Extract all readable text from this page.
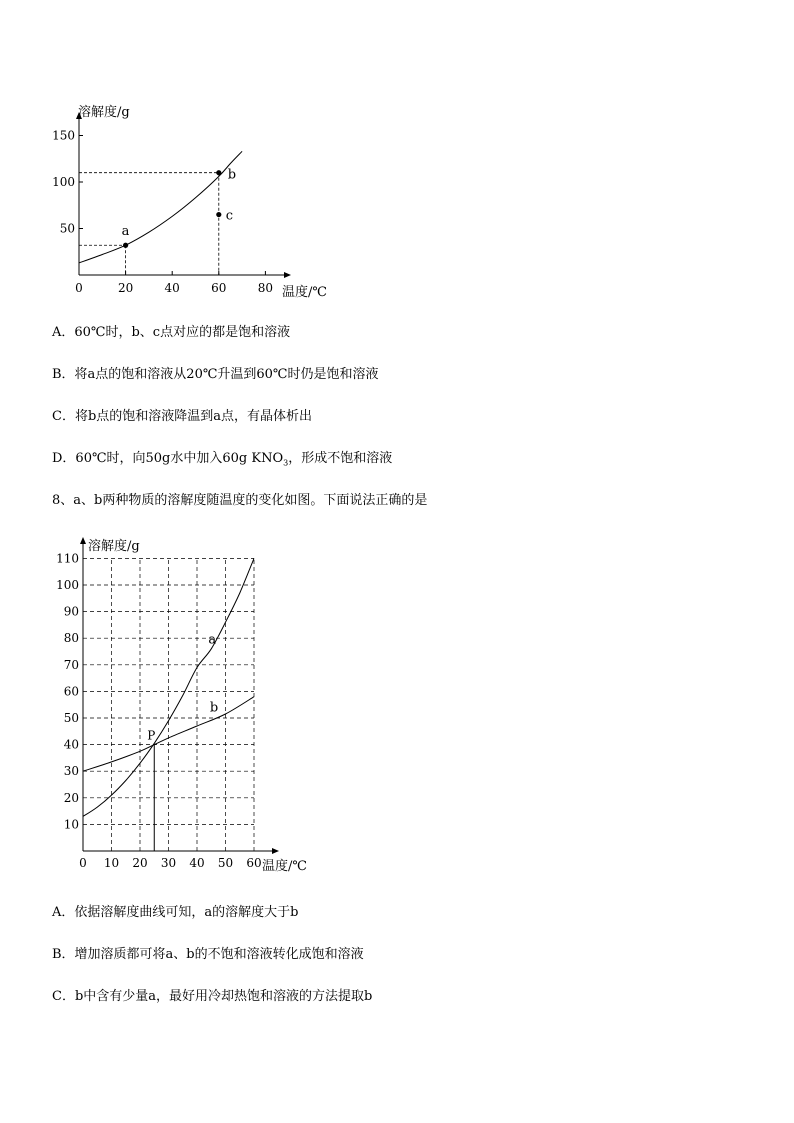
溶解度/g
温度/℃
0	20	40	60	80
50
100
150
a
b
c
A．60℃时，b、c点对应的都是饱和溶液
B．将a点的饱和溶液从20℃升温到60℃时仍是饱和溶液
C．将b点的饱和溶液降温到a点，有晶体析出
D．60℃时，向50g水中加入60g $KNO_3$，形成不饱和溶液
8、a、b两种物质的溶解度随温度的变化如图。下面说法正确的是
溶解度/g
温度/℃
0 10 20 30 40 50 60
10
20
30
40
50
60
70
80
90
100
110
a
b
P
A．依据溶解度曲线可知，a的溶解度大于b
B．增加溶质都可将a、b的不饱和溶液转化成饱和溶液
C．b中含有少量a，最好用冷却热饱和溶液的方法提取b
